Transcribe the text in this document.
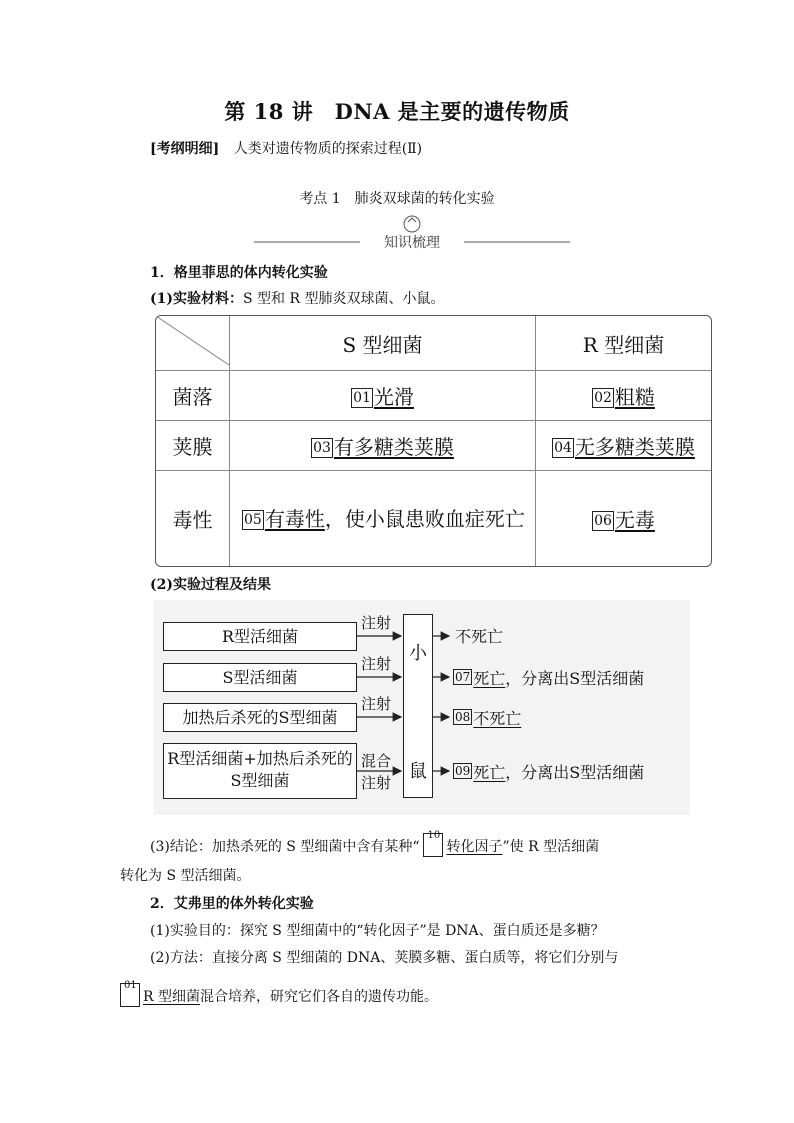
第 18 讲　DNA 是主要的遗传物质
[考纲明细] 人类对遗传物质的探索过程(Ⅱ)
考点 1　肺炎双球菌的转化实验
知识梳理
1．格里菲思的体内转化实验
(1)实验材料：S 型和 R 型肺炎双球菌、小鼠。
	S 型细菌	R 型细菌
菌落	01 光滑	02 粗糙
荚膜	03 有多糖类荚膜	04 无多糖类荚膜
毒性	05 有毒性，使小鼠患败血症死亡	06 无毒
(2)实验过程及结果
R型活细菌
S型活细菌
加热后杀死的S型细菌
R型活细菌+加热后杀死的S型细菌
注射
注射
注射
混合
注射
小
鼠
不死亡
07 死亡，分离出S型活细菌
08 不死亡
09 死亡，分离出S型活细菌
(3)结论：加热杀死的 S 型细菌中含有某种“
10
转化因子”使 R 型活细菌
转化为 S 型活细菌。
2．艾弗里的体外转化实验
(1)实验目的：探究 S 型细菌中的“转化因子”是 DNA、蛋白质还是多糖？
(2)方法：直接分离 S 型细菌的 DNA、荚膜多糖、蛋白质等，将它们分别与
01
R 型细菌混合培养，研究它们各自的遗传功能。
